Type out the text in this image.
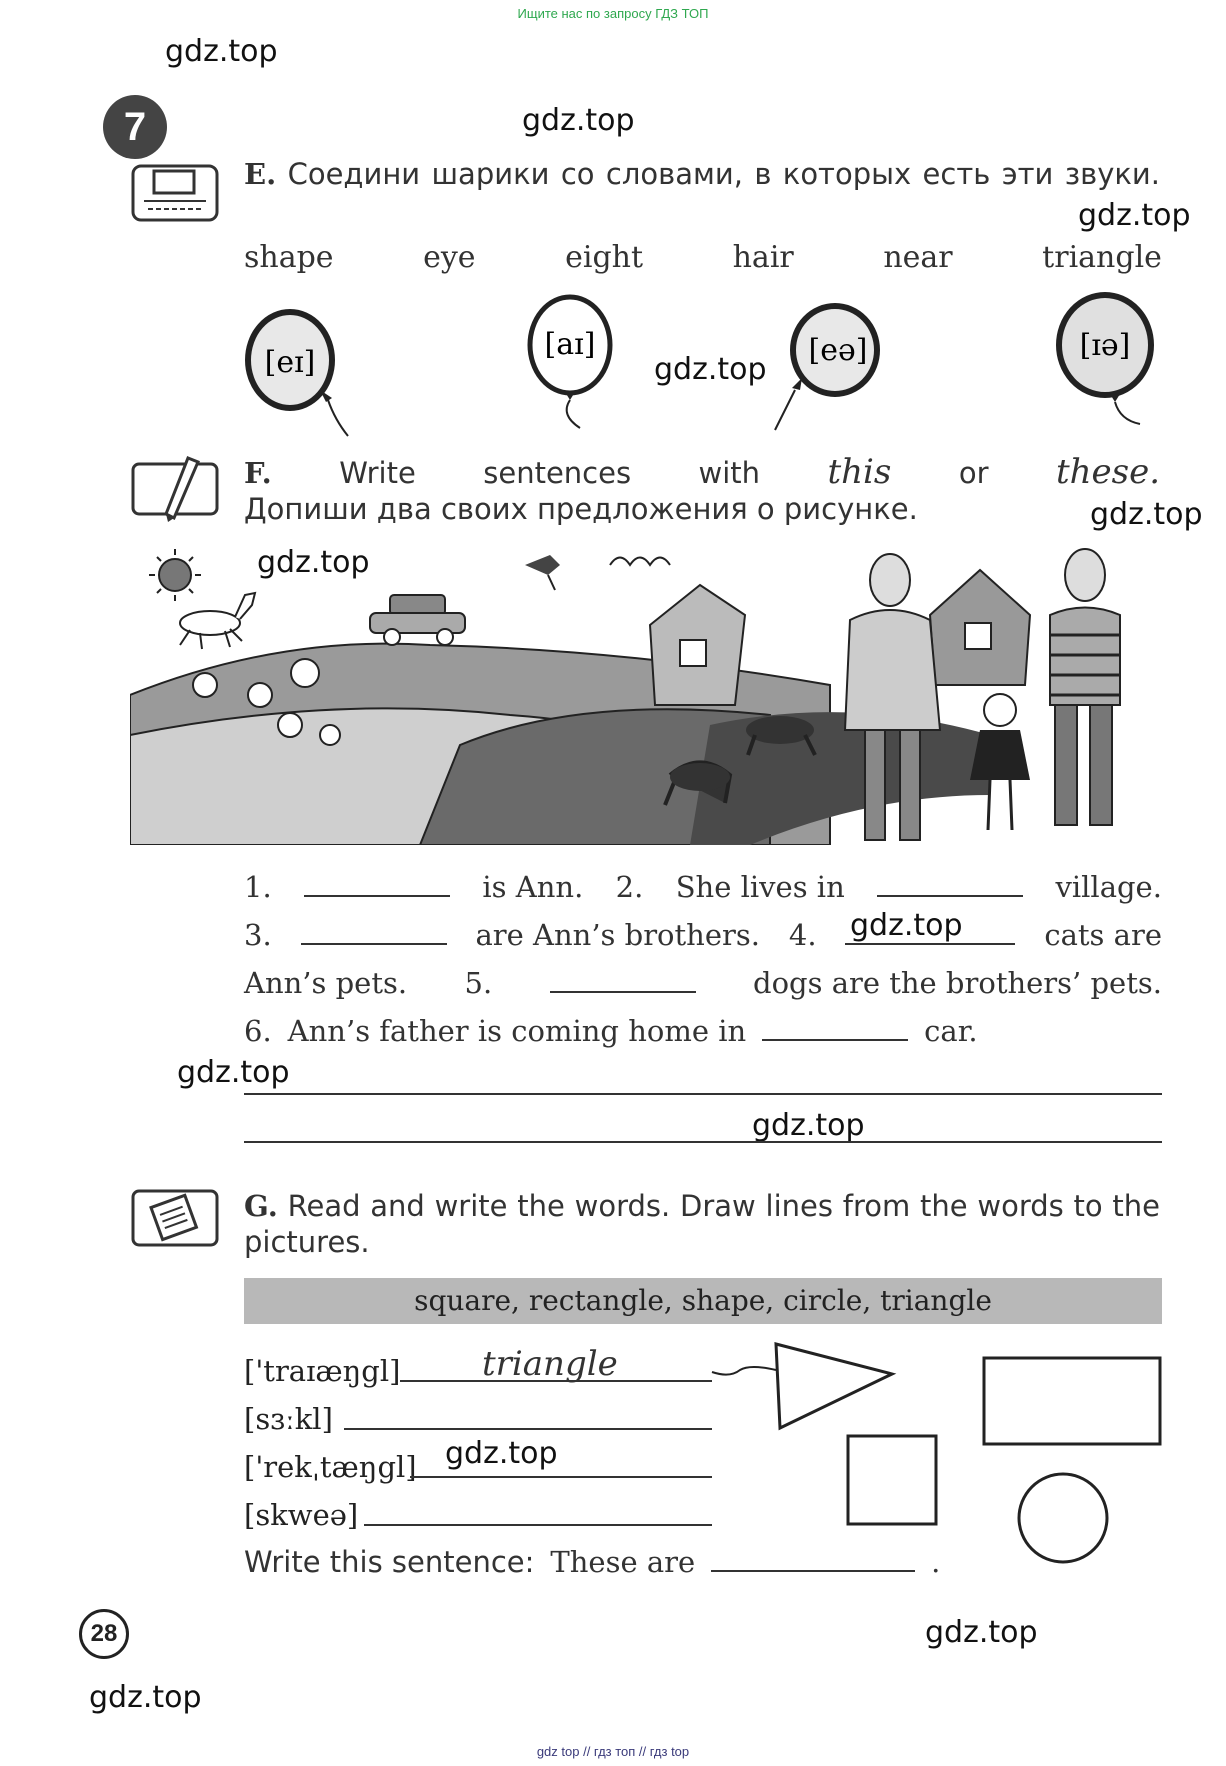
Ищите нас по запросу ГДЗ ТОП
gdz.top
gdz.top
gdz.top
gdz.top
gdz.top
gdz.top
gdz.top
gdz.top
gdz.top
gdz.top
gdz.top
gdz.top
7
E. Соедини шарики со словами, в которых есть эти звуки.
shape	eye	eight	hair	near	triangle
[eɪ]
[aɪ]	[eə]	[ɪə]
F. Write sentences with this or these.
Допиши два своих предложения о рисунке.
1.	is Ann. 2. She lives in	village.
3.	are Ann’s brothers. 4.	cats are
Ann’s pets. 5.	dogs are the brothers’ pets.
6. Ann’s father is coming home in	car.
G. Read and write the words. Draw lines from the words to the pictures.
square, rectangle, shape, circle, triangle
['traɪæŋgl] triangle
[sɜːkl]
['rekˌtæŋgl]
[skweə]
Write this sentence: These are	.
28
gdz top // гдз топ // гдз top
